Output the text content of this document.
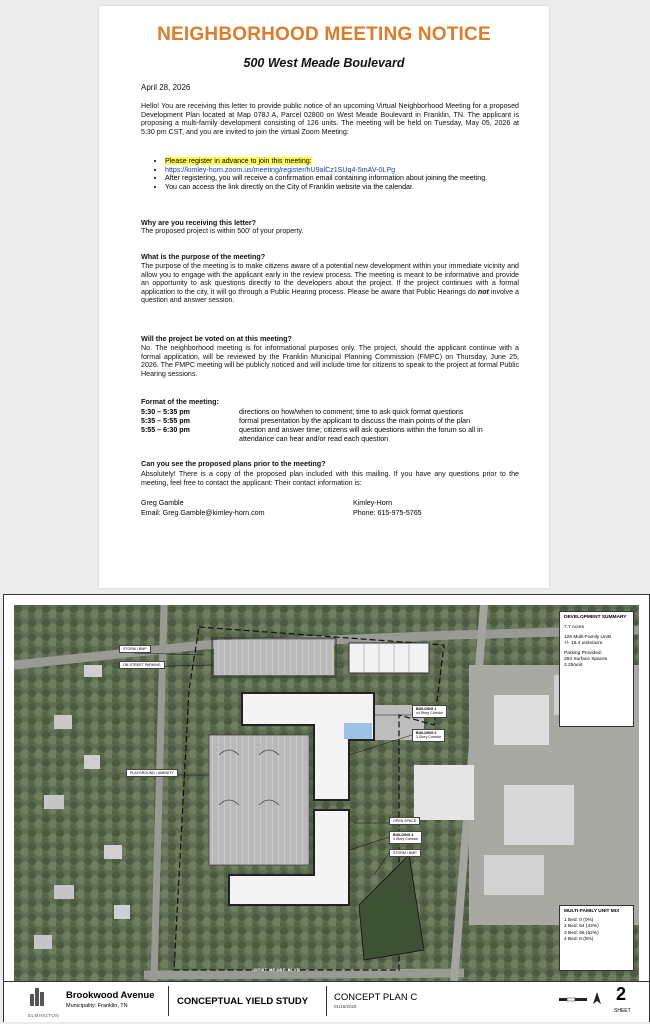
NEIGHBORHOOD MEETING NOTICE
500 West Meade Boulevard
April 28, 2026
Hello! You are receiving this letter to provide public notice of an upcoming Virtual Neighborhood Meeting for a proposed Development Plan located at Map 078J A, Parcel 02800 on West Meade Boulevard in Franklin, TN. The applicant is proposing a multi-family development consisting of 126 units. The meeting will be held on Tuesday, May 05, 2026 at 5:30 pm CST, and you are invited to join the virtual Zoom Meeting:
• Please register in advance to join this meeting:
• https://kimley-horn.zoom.us/meeting/register/hU9alCz1SUq4-5mAV-0LPg
• After registering, you will receive a confirmation email containing information about joining the meeting.
• You can access the link directly on the City of Franklin website via the calendar.
Why are you receiving this letter?
The proposed project is within 500' of your property.
What is the purpose of the meeting?
The purpose of the meeting is to make citizens aware of a potential new development within your immediate vicinity and allow you to engage with the applicant early in the review process. The meeting is meant to be informative and provide an opportunity to ask questions directly to the developers about the project. If the project continues with a formal application to the city, it will go through a Public Hearing process. Please be aware that Public Hearings do not involve a question and answer session.
Will the project be voted on at this meeting?
No. The neighborhood meeting is for informational purposes only. The project, should the applicant continue with a formal application, will be reviewed by the Franklin Municipal Planning Commission (FMPC) on Thursday, June 25, 2026. The FMPC meeting will be publicly noticed and will include time for citizens to speak to the project at formal Public Hearing sessions.
Format of the meeting:
5:30 – 5:35 pm	directions on how/when to comment; time to ask quick format questions
5:35 – 5:55 pm	formal presentation by the applicant to discuss the main points of the plan
5:55 – 6:30 pm	question and answer time; citizens will ask questions within the forum so all in attendance can hear and/or read each question
Can you see the proposed plans prior to the meeting?
Absolutely! There is a copy of the proposed plan included with this mailing. If you have any questions prior to the meeting, feel free to contact the applicant: Their contact information is:
Greg Gamble
Email: Greg.Gamble@kimley-horn.com
Kimley-Horn
Phone: 615-975-5765
STORM / BMP
ON-STREET PARKING
BUILDING 1
x4 Story Corridor
BUILDING 2
3 Story Corridor
PLAYGROUND / AMENITY
OPEN SPACE
BUILDING 3
3 Story Corridor
STORM / BMP
WEST MEADE BLVD
DEVELOPMENT SUMMARY
7.7 Acres
126 Multi-Family Units
+/- 16.4 units/acre
Parking Provided:
264 Surface Spaces
2.25/unit
MULTI-FAMILY UNIT MIX
1 Bed: 0 (0%)
2 Bed: 54 (43%)
3 Bed: 66 (52%)
4 Bed: 6 (5%)
ELMINGTON
Brookwood Avenue
Municipality: Franklin, TN	CONCEPTUAL YIELD STUDY	CONCEPT PLAN C
01/16/2026
2
SHEET
